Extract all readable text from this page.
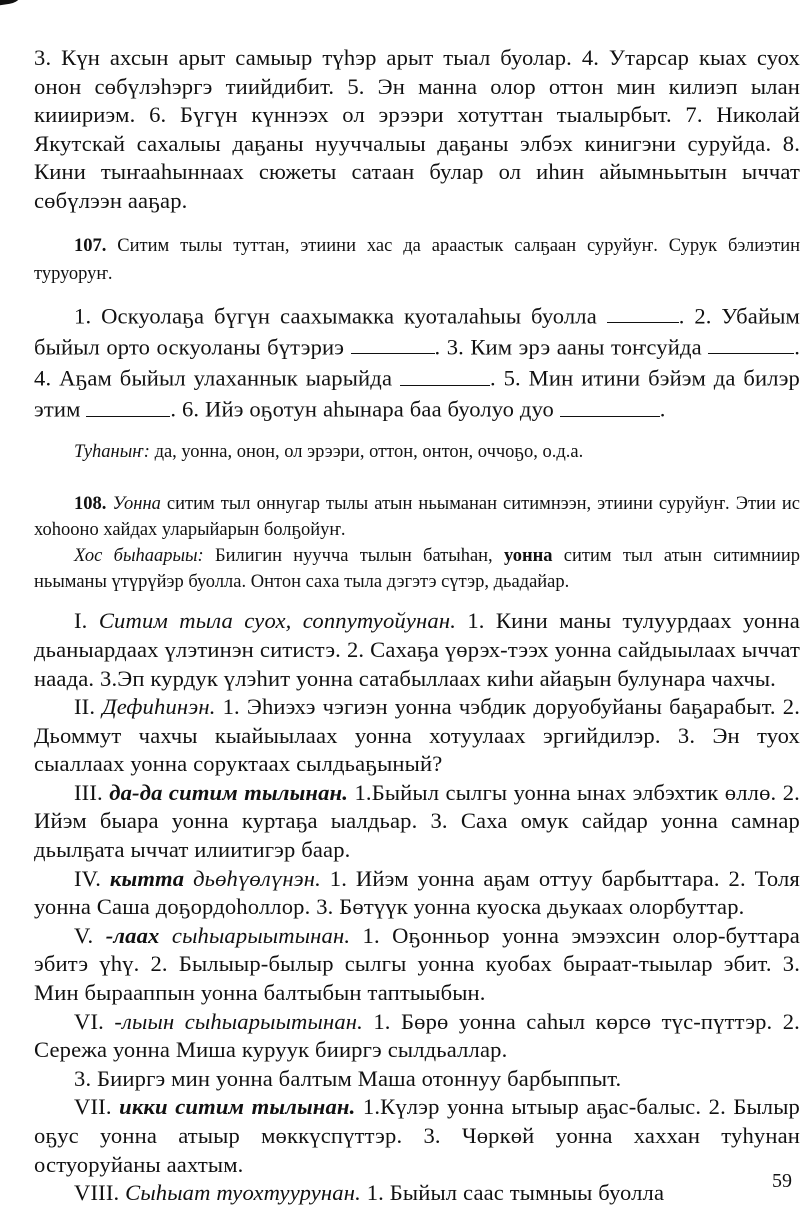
3. Күн ахсын арыт самыыр түһэр арыт тыал буолар. 4. Утарсар кыах суох онон сөбүлэһэргэ тиийдибит. 5. Эн манна олор оттон мин килиэп ылан кииириэм. 6. Бүгүн күннээх ол эрээри хотуттан тыалырбыт. 7. Николай Якутскай сахалыы даҕаны нууччалыы даҕаны элбэх кинигэни суруйда. 8. Кини тыҥааһыннаах сюжеты сатаан булар ол иһин айымньытын ыччат сөбүлээн ааҕар.

107. Ситим тылы туттан, этиини хас да араастык салҕаан суруйуҥ. Сурук бэлиэтин туруоруҥ.

1. Оскуолаҕа бүгүн саахымакка куоталаһыы буолла	. 2. Убайым быйыл орто оскуоланы бүтэриэ	. 3. Ким эрэ ааны тоҥсуйда	. 4. Аҕам быйыл улаханнык ыарыйда	. 5. Мин итини бэйэм да билэр этим	. 6. Ийэ оҕотун аһынара баа буолуо дуо	.

Туһаныҥ: да, уонна, онон, ол эрээри, оттон, онтон, оччоҕо, о.д.а.

108. Уонна ситим тыл оннугар тылы атын ньыманан ситимнээн, этиини суруйуҥ. Этии ис хоһооно хайдах уларыйарын болҕойуҥ.

Хос быһаарыы: Билигин нуучча тылын батыһан, уонна ситим тыл атын ситимниир ньыманы үтүрүйэр буолла. Онтон саха тыла дэгэтэ сүтэр, дьадайар.

I. Ситим тыла суох, соппутуойунан. 1. Кини маны тулуурдаах уонна дьаныардаах үлэтинэн ситистэ. 2. Сахаҕа үөрэх-тээх уонна сайдыылаах ыччат наада. 3.Эп курдук үлэһит уонна сатабыллаах киһи айаҕын булунара чахчы.

II. Дефиһинэн. 1. Эһиэхэ чэгиэн уонна чэбдик доруобуйаны баҕарабыт. 2. Дьоммут чахчы кыайыылаах уонна хотуулаах эргийдилэр. 3. Эн туох сыаллаах уонна соруктаах сылдьаҕыный?

III. да-да ситим тылынан. 1.Быйыл сылгы уонна ынах элбэхтик өллө. 2. Ийэм быара уонна куртаҕа ыалдьар. 3. Саха омук сайдар уонна самнар дьылҕата ыччат илиитигэр баар.

IV. кытта дьөһүөлүнэн. 1. Ийэм уонна аҕам оттуу барбыттара. 2. Толя уонна Саша доҕордоһоллор. 3. Бөтүүк уонна куоска дьукаах олорбуттар.

V. -лаах сыһыарыытынан. 1. Оҕонньор уонна эмээхсин олор-буттара эбитэ үһү. 2. Былыыр-былыр сылгы уонна куобах быраат-тыылар эбит. 3. Мин бырааппын уонна балтыбын таптыыбын.

VI. -лыын сыһыарыытынан. 1. Бөрө уонна саһыл көрсө түс-пүттэр. 2. Сережа уонна Миша куруук бииргэ сылдьаллар.

3. Бииргэ мин уонна балтым Маша отоннуу барбыппыт.

VII. икки ситим тылынан. 1.Күлэр уонна ытыыр аҕас-балыс. 2. Былыр оҕус уонна атыыр мөккүспүттэр. 3. Чөркөй уонна хаххан туһунан остуоруйаны аахтым.

VIII. Сыһыат туохтуурунан. 1. Быйыл саас тымныы буолла	59
